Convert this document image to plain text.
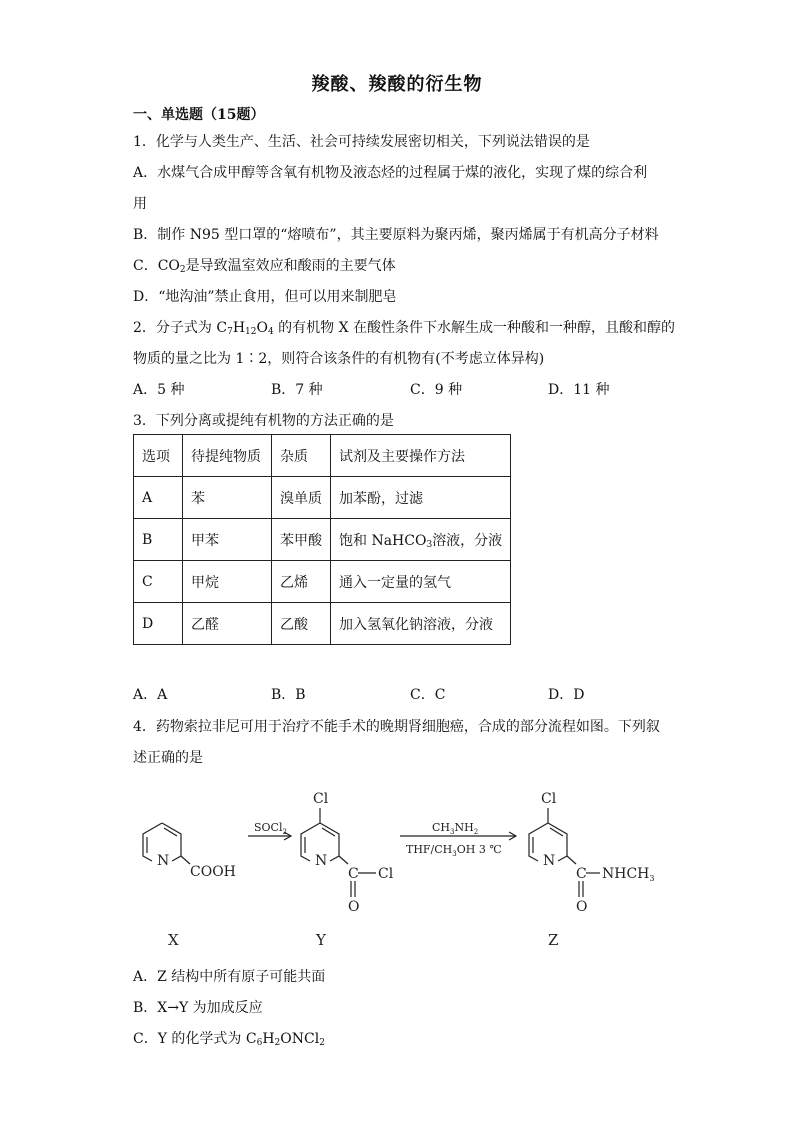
羧酸、羧酸的衍生物
一、单选题（15题）
1．化学与人类生产、生活、社会可持续发展密切相关，下列说法错误的是
A．水煤气合成甲醇等含氧有机物及液态烃的过程属于煤的液化，实现了煤的综合利
用
B．制作 N95 型口罩的“熔喷布”，其主要原料为聚丙烯，聚丙烯属于有机高分子材料
C．$CO_2$是导致温室效应和酸雨的主要气体
D．“地沟油”禁止食用，但可以用来制肥皂
2．分子式为 $C_7H_{12}O_4$ 的有机物 X 在酸性条件下水解生成一种酸和一种醇，且酸和醇的
物质的量之比为 1∶2，则符合该条件的有机物有(不考虑立体异构)
A．5 种	B．7 种	C．9 种	D．11 种
3．下列分离或提纯有机物的方法正确的是
选项	待提纯物质	杂质	试剂及主要操作方法
A	苯	溴单质	加苯酚，过滤
B	甲苯	苯甲酸	饱和 NaHCO$_3$溶液，分液
C	甲烷	乙烯	通入一定量的氢气
D	乙醛	乙酸	加入氢氧化钠溶液，分液
A．A	B．B	C．C	D．D
4．药物索拉非尼可用于治疗不能手术的晚期肾细胞癌，合成的部分流程如图。下列叙
述正确的是
N
COOH
X
SOCl$_2$
Cl
N
C Cl
O
Y
$CH_3NH_2$
THF/$CH_3OH$ 3 ℃
Cl
N
C $NHCH_3$
O
Z
A．Z 结构中所有原子可能共面
B．X→Y 为加成反应
C．Y 的化学式为 $C_6H_2ONCl_2$
